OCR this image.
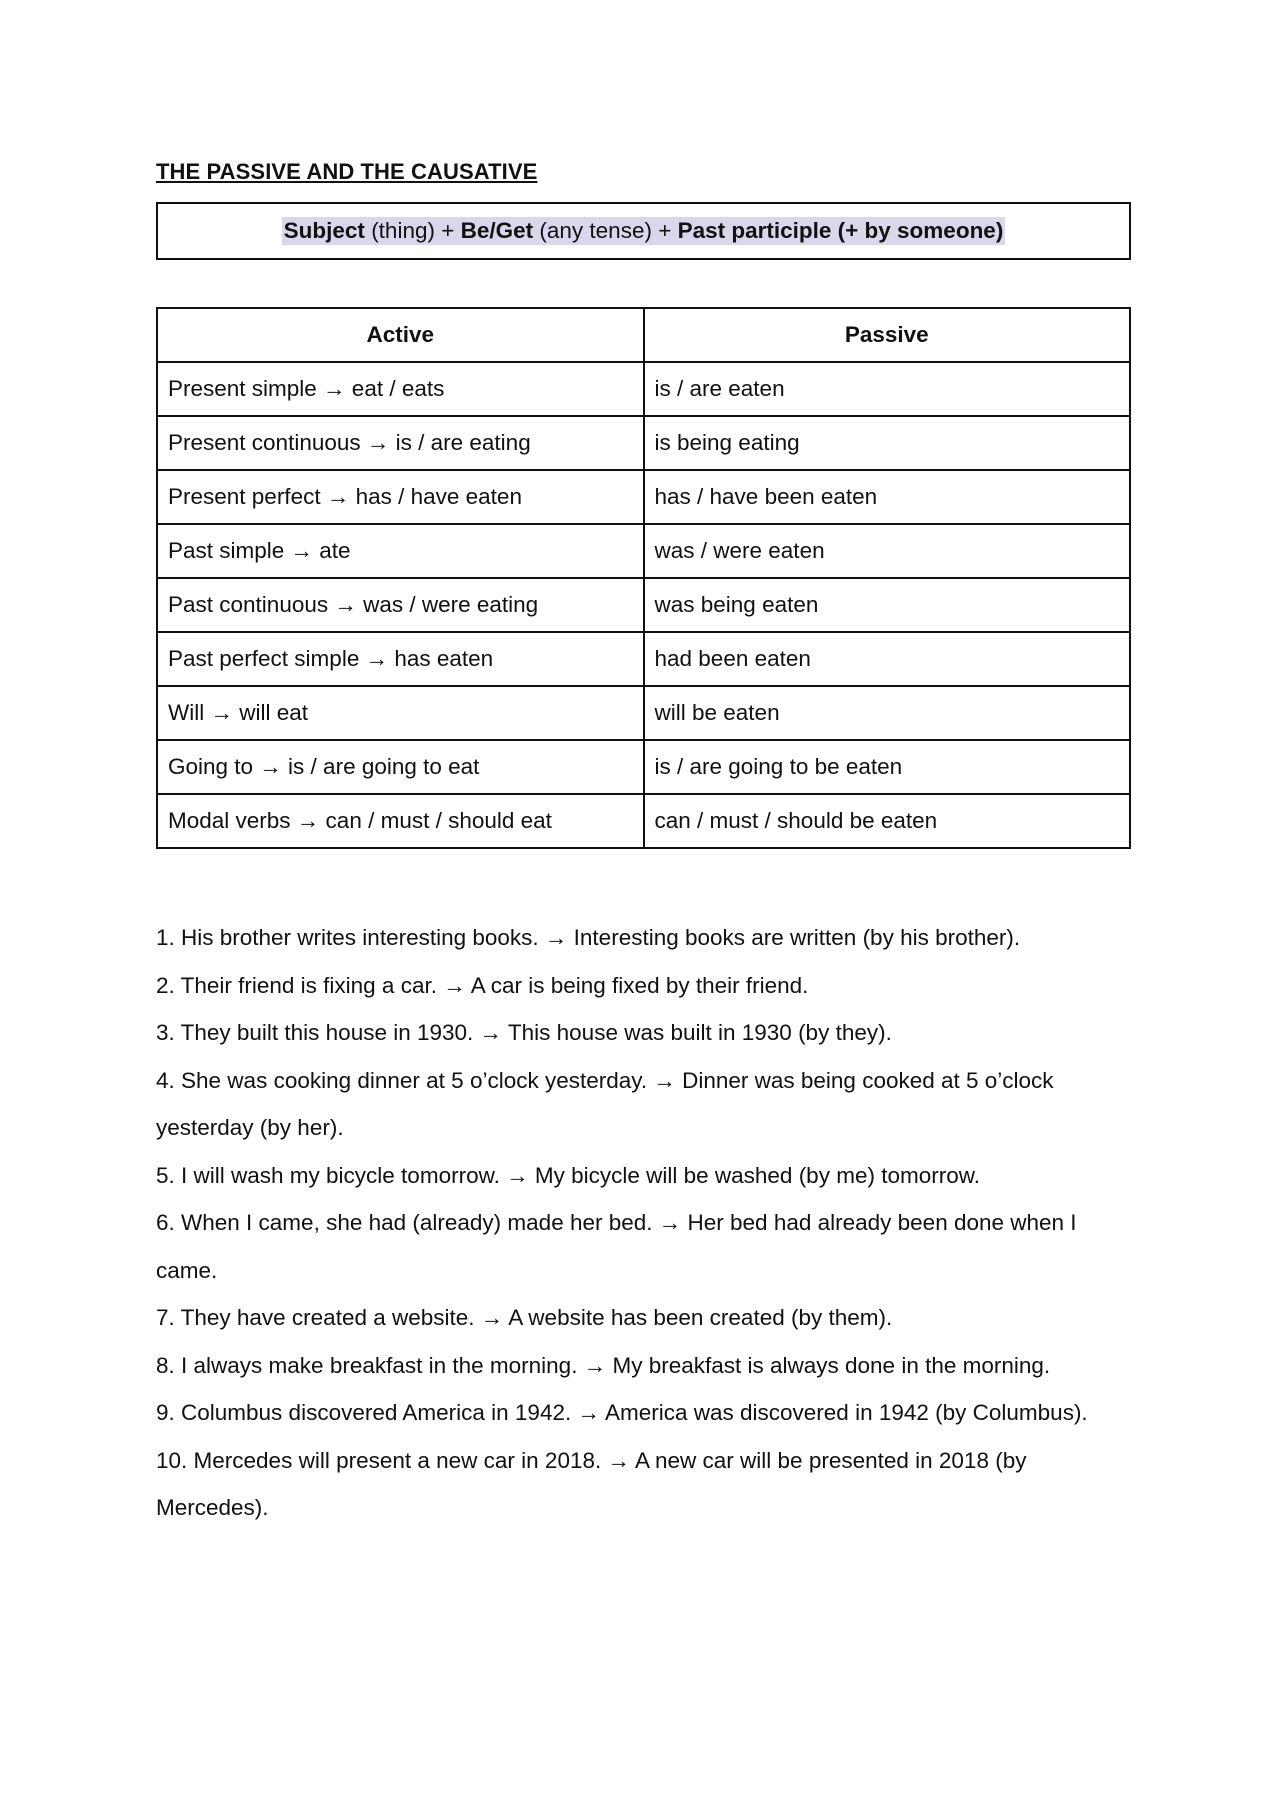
THE PASSIVE AND THE CAUSATIVE
Subject (thing) + Be/Get (any tense) + Past participle (+ by someone)
Active	Passive
Present simple → eat / eats	is / are eaten
Present continuous → is / are eating	is being eating
Present perfect → has / have eaten	has / have been eaten
Past simple → ate	was / were eaten
Past continuous → was / were eating	was being eaten
Past perfect simple → has eaten	had been eaten
Will → will eat	will be eaten
Going to → is / are going to eat	is / are going to be eaten
Modal verbs → can / must / should eat	can / must / should be eaten

1. His brother writes interesting books. → Interesting books are written (by his brother).

2. Their friend is fixing a car. → A car is being fixed by their friend.

3. They built this house in 1930. → This house was built in 1930 (by they).

4. She was cooking dinner at 5 o’clock yesterday. → Dinner was being cooked at 5 o’clock yesterday (by her).

5. I will wash my bicycle tomorrow. → My bicycle will be washed (by me) tomorrow.

6. When I came, she had (already) made her bed. → Her bed had already been done when I came.

7. They have created a website. → A website has been created (by them).

8. I always make breakfast in the morning. → My breakfast is always done in the morning.

9. Columbus discovered America in 1942. → America was discovered in 1942 (by Columbus).

10. Mercedes will present a new car in 2018. → A new car will be presented in 2018 (by Mercedes).
